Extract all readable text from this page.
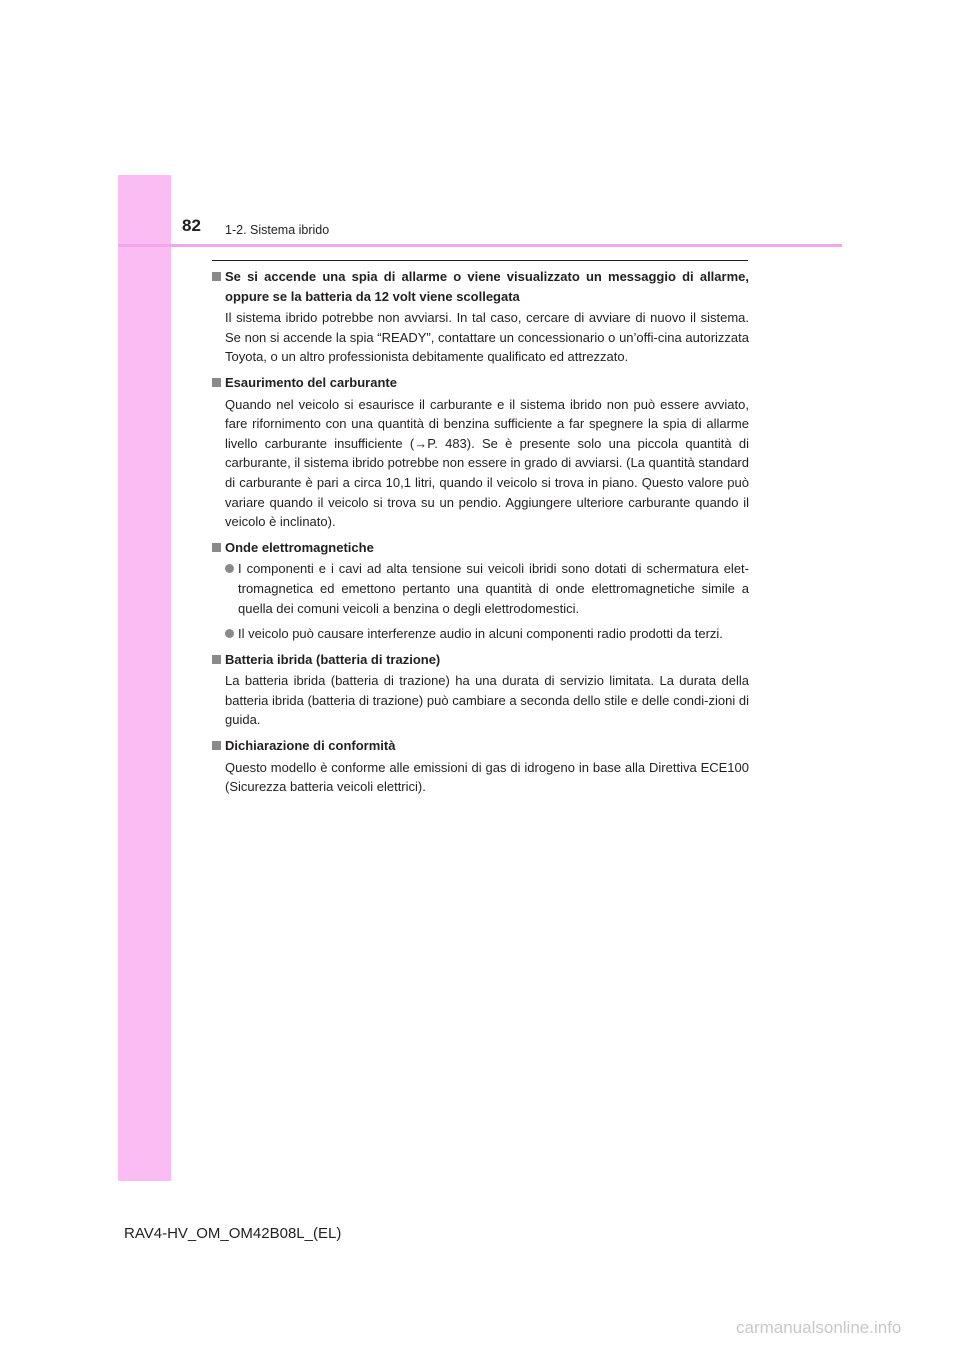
82 1-2. Sistema ibrido
Se si accende una spia di allarme o viene visualizzato un messaggio di allarme, oppure se la batteria da 12 volt viene scollegata
Il sistema ibrido potrebbe non avviarsi. In tal caso, cercare di avviare di nuovo il sistema. Se non si accende la spia “READY”, contattare un concessionario o un’offi-cina autorizzata Toyota, o un altro professionista debitamente qualificato ed attrezzato.
Esaurimento del carburante
Quando nel veicolo si esaurisce il carburante e il sistema ibrido non può essere avviato, fare rifornimento con una quantità di benzina sufficiente a far spegnere la spia di allarme livello carburante insufficiente (→P. 483). Se è presente solo una piccola quantità di carburante, il sistema ibrido potrebbe non essere in grado di avviarsi. (La quantità standard di carburante è pari a circa 10,1 litri, quando il veicolo si trova in piano. Questo valore può variare quando il veicolo si trova su un pendio. Aggiungere ulteriore carburante quando il veicolo è inclinato).
Onde elettromagnetiche
I componenti e i cavi ad alta tensione sui veicoli ibridi sono dotati di schermatura elet-tromagnetica ed emettono pertanto una quantità di onde elettromagnetiche simile a quella dei comuni veicoli a benzina o degli elettrodomestici.
Il veicolo può causare interferenze audio in alcuni componenti radio prodotti da terzi.
Batteria ibrida (batteria di trazione)
La batteria ibrida (batteria di trazione) ha una durata di servizio limitata. La durata della batteria ibrida (batteria di trazione) può cambiare a seconda dello stile e delle condi-zioni di guida.
Dichiarazione di conformità
Questo modello è conforme alle emissioni di gas di idrogeno in base alla Direttiva ECE100 (Sicurezza batteria veicoli elettrici).
RAV4-HV_OM_OM42B08L_(EL)
carmanualsonline.info
